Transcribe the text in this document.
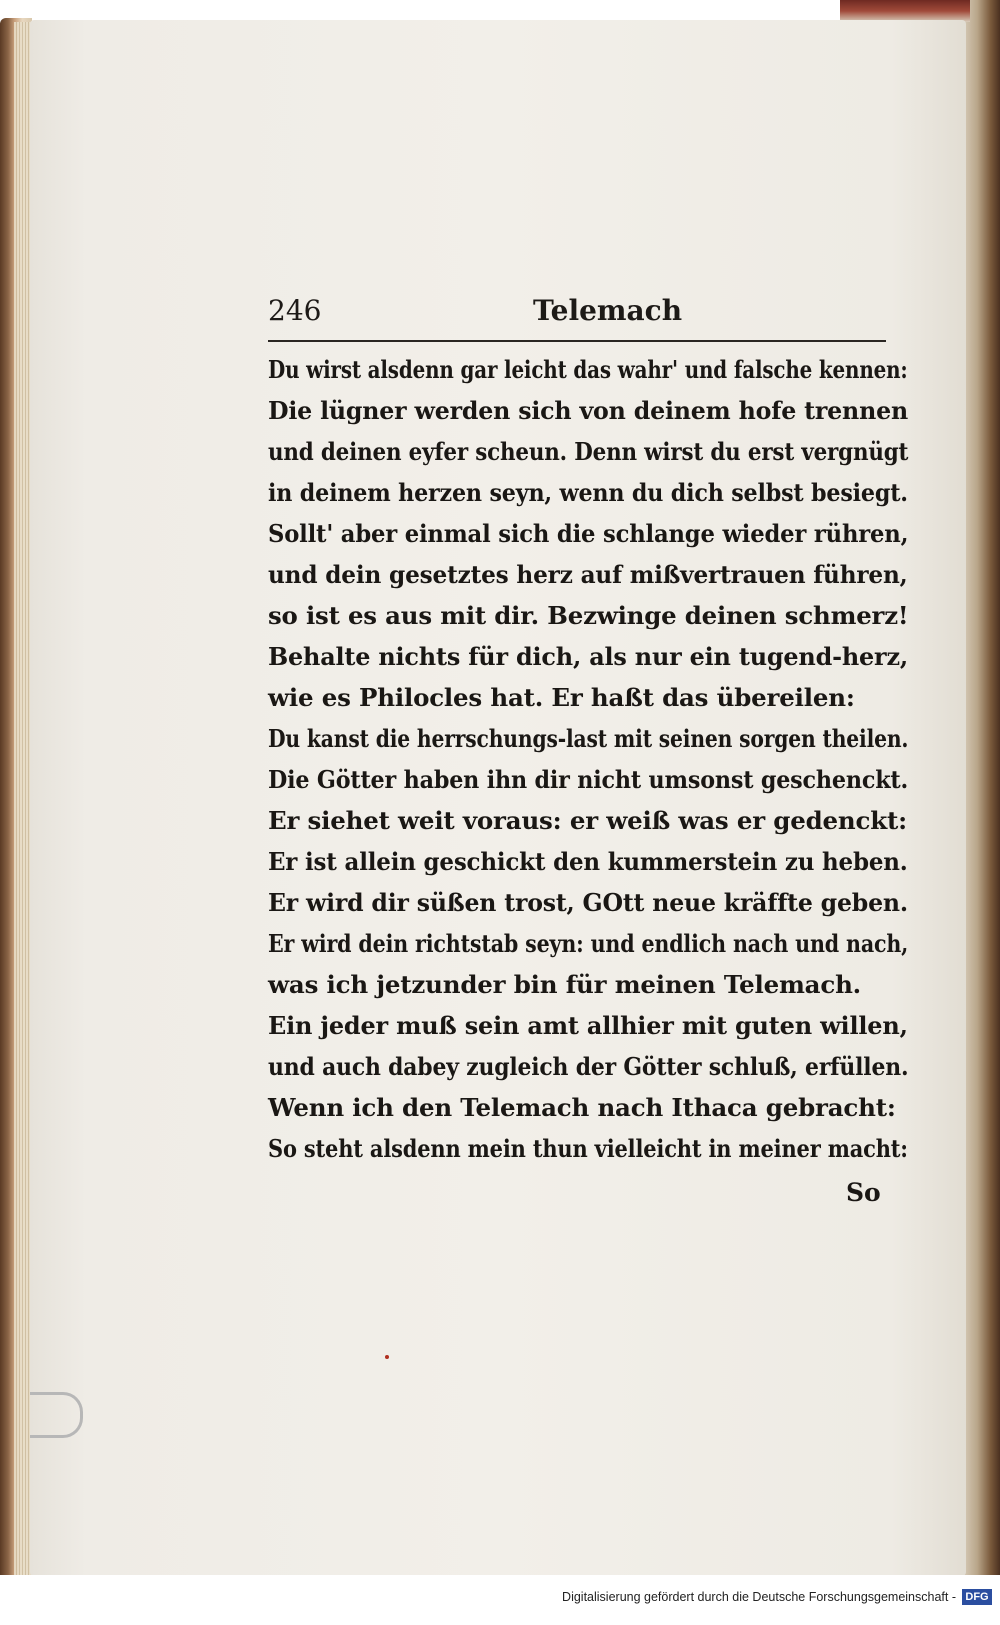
246	Telemach
Du wirst alsdenn gar leicht das wahr' und falsche kennen:
Die lügner werden sich von deinem hofe trennen
und deinen eyfer scheun. Denn wirst du erst vergnügt
in deinem herzen seyn, wenn du dich selbst besiegt.
Sollt' aber einmal sich die schlange wieder rühren,
und dein gesetztes herz auf mißvertrauen führen,
so ist es aus mit dir. Bezwinge deinen schmerz!
Behalte nichts für dich, als nur ein tugend-herz,
wie es Philocles hat. Er haßt das übereilen:
Du kanst die herrschungs-last mit seinen sorgen theilen.
Die Götter haben ihn dir nicht umsonst geschenckt.
Er siehet weit voraus: er weiß was er gedenckt:
Er ist allein geschickt den kummerstein zu heben.
Er wird dir süßen trost, GOtt neue kräffte geben.
Er wird dein richtstab seyn: und endlich nach und nach,
was ich jetzunder bin für meinen Telemach.
Ein jeder muß sein amt allhier mit guten willen,
und auch dabey zugleich der Götter schluß, erfüllen.
Wenn ich den Telemach nach Ithaca gebracht:
So steht alsdenn mein thun vielleicht in meiner macht:
So
Digitalisierung gefördert durch die Deutsche Forschungsgemeinschaft - DFG
